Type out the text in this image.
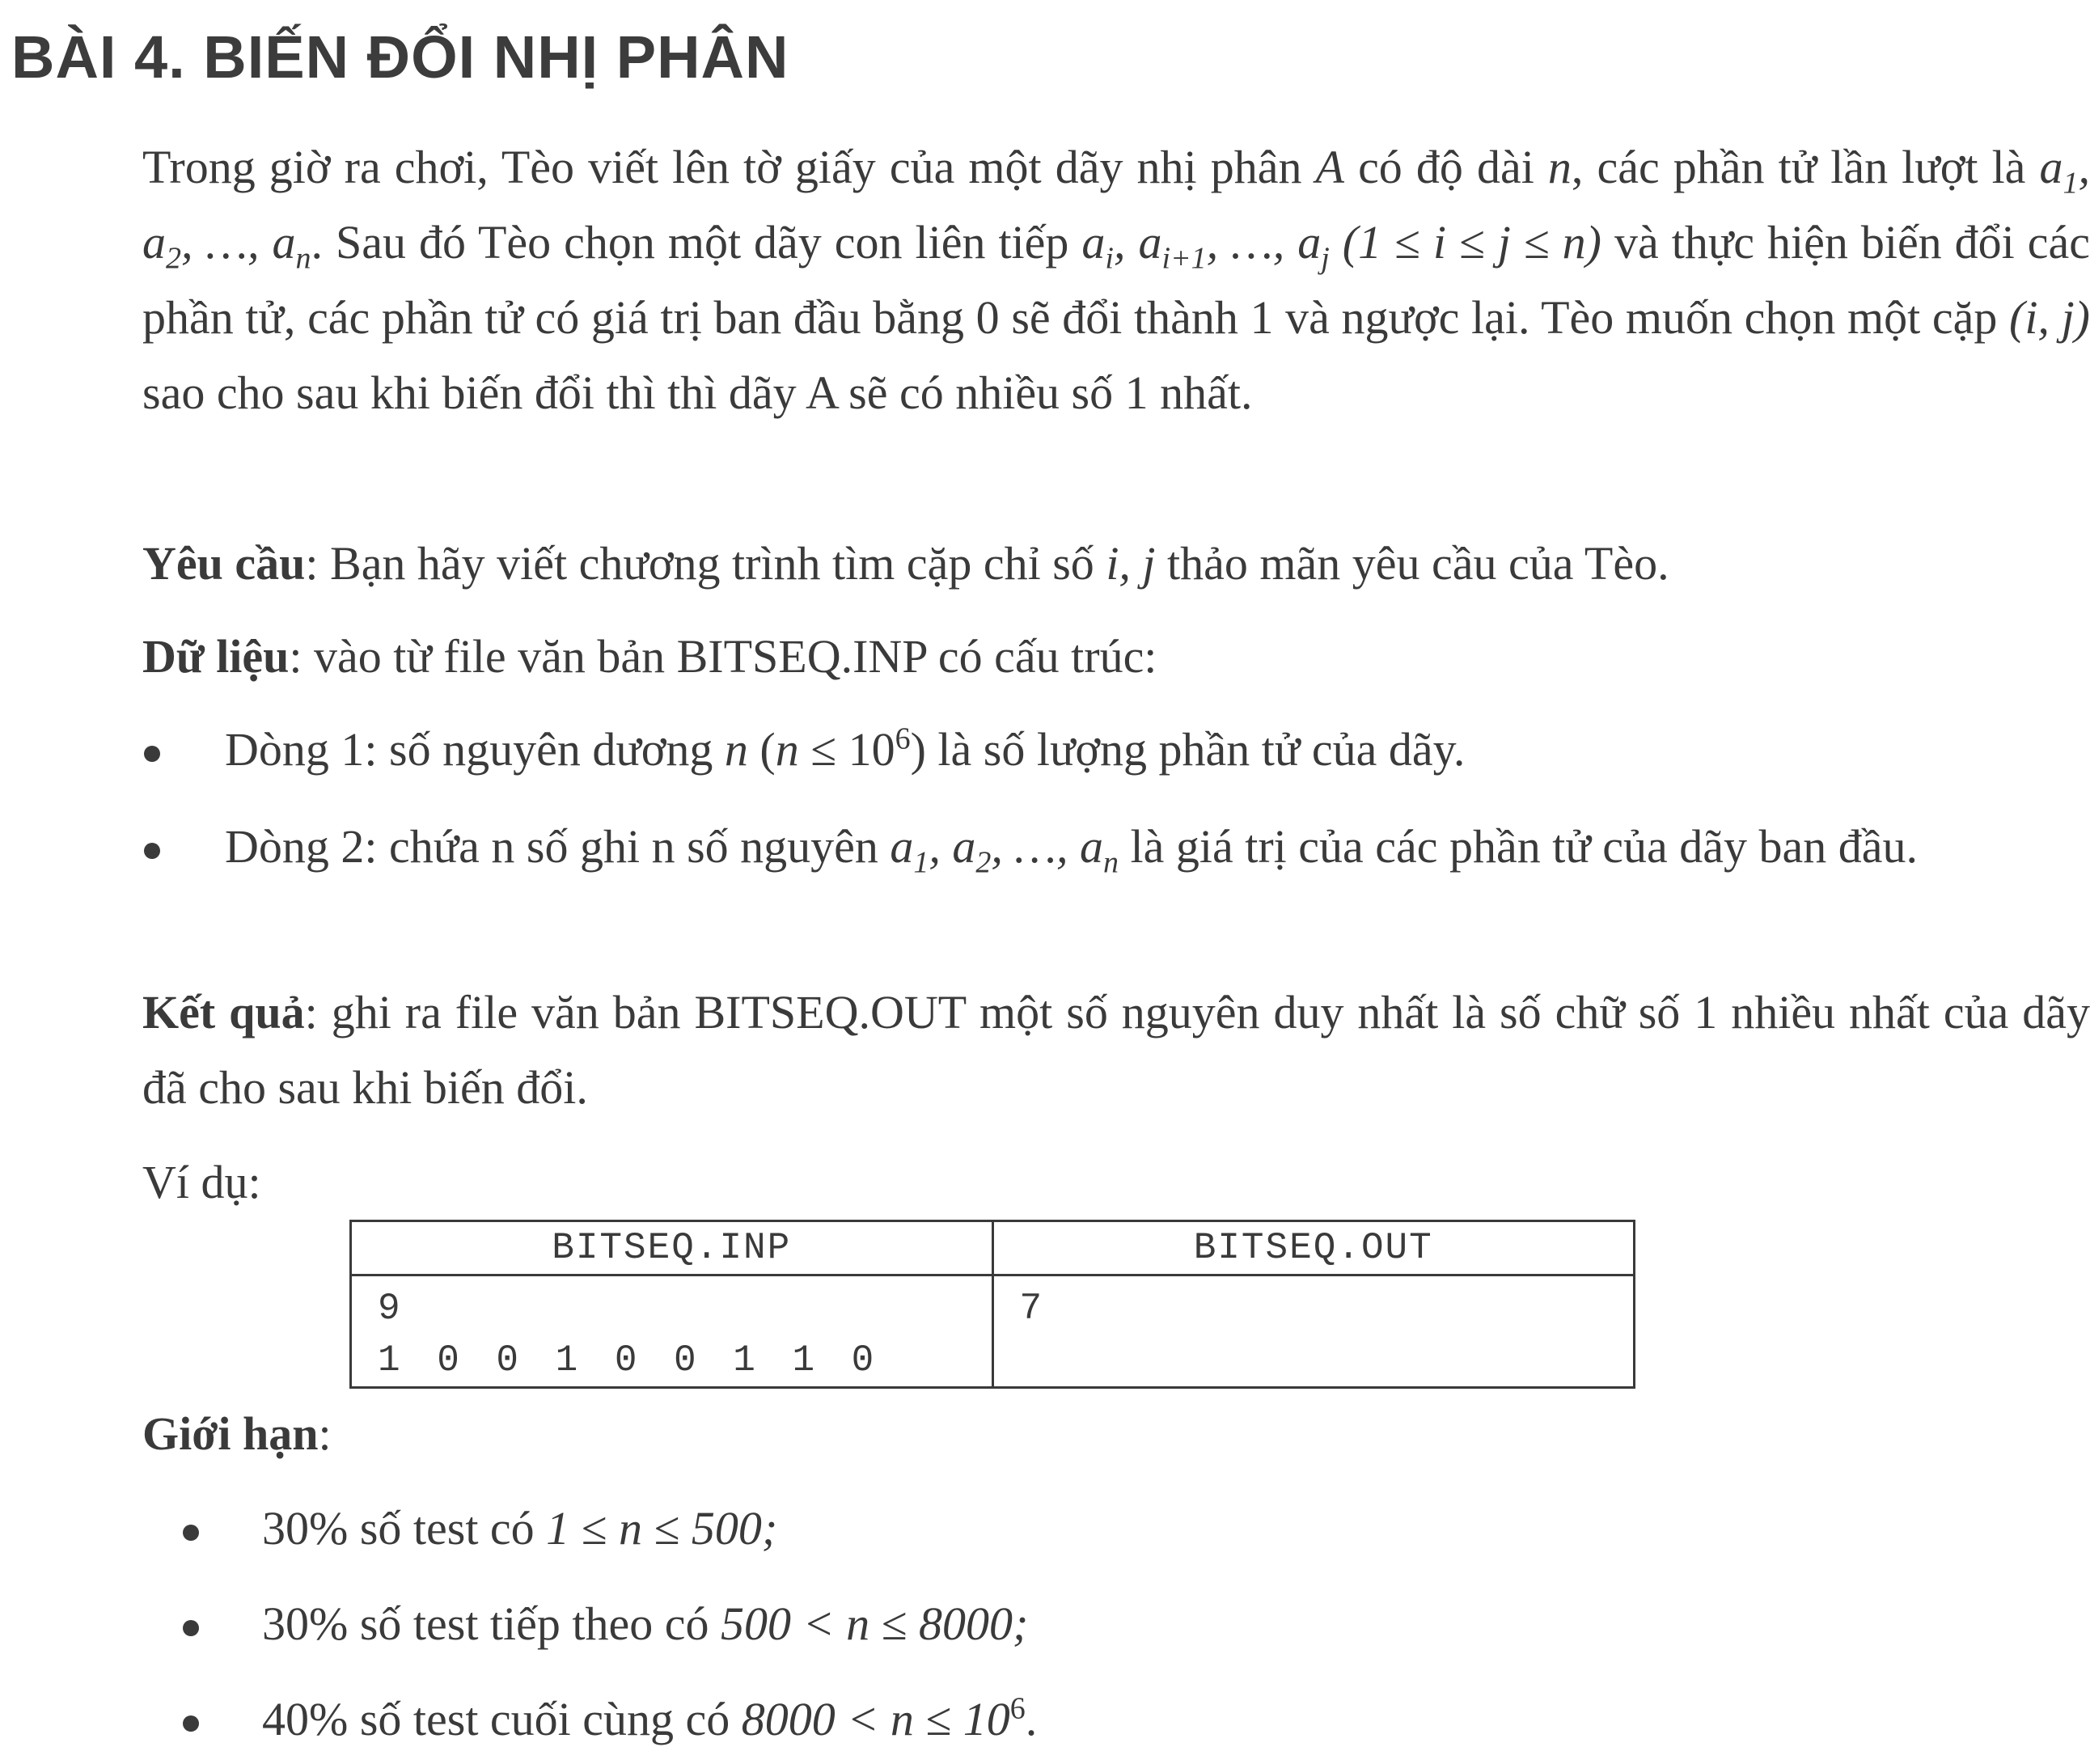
BÀI 4. BIẾN ĐỔI NHỊ PHÂN

Trong giờ ra chơi, Tèo viết lên tờ giấy của một dãy nhị phân A có độ dài n, các phần tử lần lượt là $a_1$, $a_2$, …, $a_n$. Sau đó Tèo chọn một dãy con liên tiếp $a_i$, $a_{i+1}$, …, $a_j$ (1 ≤ i ≤ j ≤ n) và thực hiện biến đổi các phần tử, các phần tử có giá trị ban đầu bằng 0 sẽ đổi thành 1 và ngược lại. Tèo muốn chọn một cặp (i, j) sao cho sau khi biến đổi thì thì dãy A sẽ có nhiều số 1 nhất.

Yêu cầu: Bạn hãy viết chương trình tìm cặp chỉ số i, j thảo mãn yêu cầu của Tèo.

Dữ liệu: vào từ file văn bản BITSEQ.INP có cấu trúc:

Dòng 1: số nguyên dương n $(n \le 10^6)$ là số lượng phần tử của dãy.

Dòng 2: chứa n số ghi n số nguyên $a_1$, $a_2$, …, $a_n$ là giá trị của các phần tử của dãy ban đầu.

Kết quả: ghi ra file văn bản BITSEQ.OUT một số nguyên duy nhất là số chữ số 1 nhiều nhất của dãy đã cho sau khi biến đổi.

Ví dụ:

BITSEQ.INP	BITSEQ.OUT

9
1 0 0 1 0 0 1 1 0	7

Giới hạn:

30% số test có 1 ≤ n ≤ 500;

30% số test tiếp theo có 500 < n ≤ 8000;

40% số test cuối cùng có $8000 < n \le 10^6$.
